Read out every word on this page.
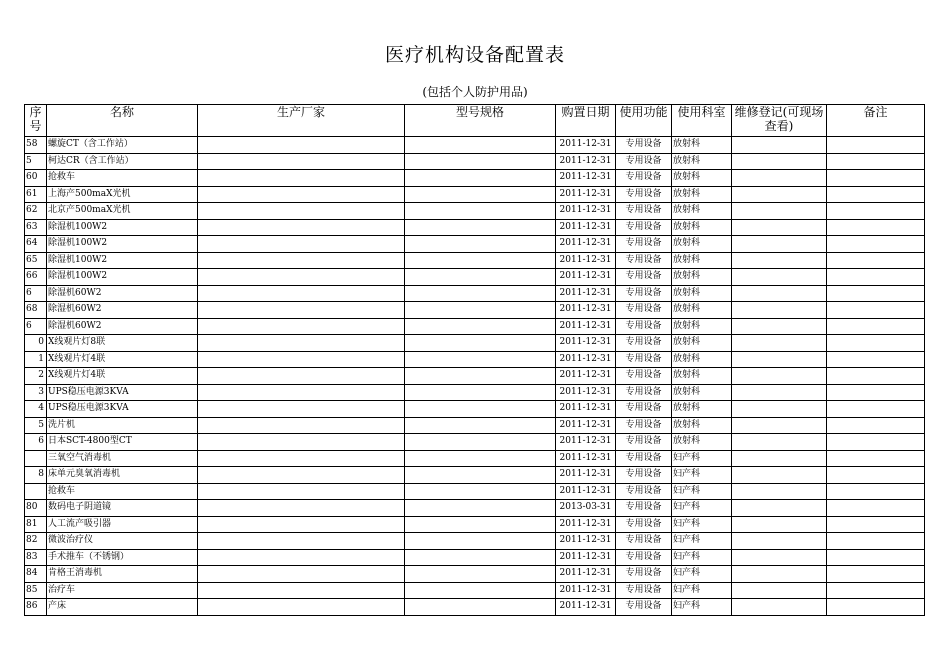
医疗机构设备配置表
(包括个人防护用品)
序号	名称	生产厂家	型号规格	购置日期	使用功能	使用科室	维修登记(可现场查看)	备注
58	螺旋CT（含工作站）			2011-12-31	专用设备	放射科		
5	柯达CR（含工作站）			2011-12-31	专用设备	放射科		
60	抢救车			2011-12-31	专用设备	放射科		
61	上海产500maX光机			2011-12-31	专用设备	放射科		
62	北京产500maX光机			2011-12-31	专用设备	放射科		
63	除湿机100W2			2011-12-31	专用设备	放射科		
64	除湿机100W2			2011-12-31	专用设备	放射科		
65	除湿机100W2			2011-12-31	专用设备	放射科		
66	除湿机100W2			2011-12-31	专用设备	放射科		
6	除湿机60W2			2011-12-31	专用设备	放射科		
68	除湿机60W2			2011-12-31	专用设备	放射科		
6	除湿机60W2			2011-12-31	专用设备	放射科		
0	X线观片灯8联			2011-12-31	专用设备	放射科		
1	X线观片灯4联			2011-12-31	专用设备	放射科		
2	X线观片灯4联			2011-12-31	专用设备	放射科		
3	UPS稳压电源3KVA			2011-12-31	专用设备	放射科		
4	UPS稳压电源3KVA			2011-12-31	专用设备	放射科		
5	洗片机			2011-12-31	专用设备	放射科		
6	日本SCT-4800型CT			2011-12-31	专用设备	放射科		
	三氧空气消毒机			2011-12-31	专用设备	妇产科		
8	床单元臭氧消毒机			2011-12-31	专用设备	妇产科		
	抢救车			2011-12-31	专用设备	妇产科		
80	数码电子阴道镜			2013-03-31	专用设备	妇产科		
81	人工流产吸引器			2011-12-31	专用设备	妇产科		
82	微波治疗仪			2011-12-31	专用设备	妇产科		
83	手术推车（不锈钢）			2011-12-31	专用设备	妇产科		
84	肯格王消毒机			2011-12-31	专用设备	妇产科		
85	治疗车			2011-12-31	专用设备	妇产科		
86	产床			2011-12-31	专用设备	妇产科		
